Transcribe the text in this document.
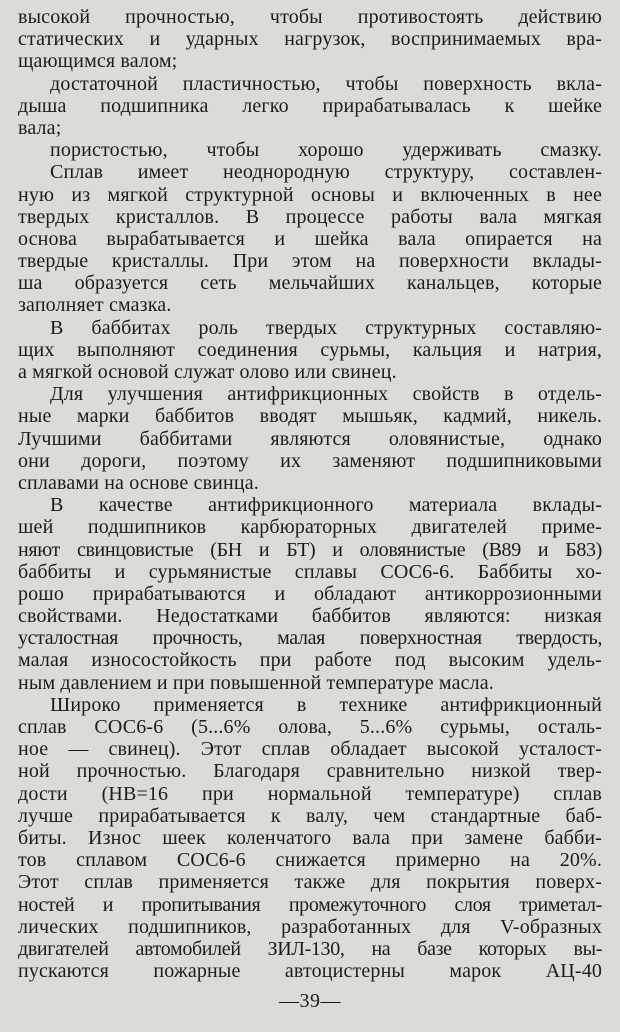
высокой прочностью, чтобы противостоять действию
статических и ударных нагрузок, воспринимаемых вра-
щающимся валом;
достаточной пластичностью, чтобы поверхность вкла-
дыша подшипника легко прирабатывалась к шейке
вала;
пористостью, чтобы хорошо удерживать смазку.
Сплав имеет неоднородную структуру, составлен-
ную из мягкой структурной основы и включенных в нее
твердых кристаллов. В процессе работы вала мягкая
основа вырабатывается и шейка вала опирается на
твердые кристаллы. При этом на поверхности вклады-
ша образуется сеть мельчайших канальцев, которые
заполняет смазка.
В баббитах роль твердых структурных составляю-
щих выполняют соединения сурьмы, кальция и натрия,
а мягкой основой служат олово или свинец.
Для улучшения антифрикционных свойств в отдель-
ные марки баббитов вводят мышьяк, кадмий, никель.
Лучшими баббитами являются оловянистые, однако
они дороги, поэтому их заменяют подшипниковыми
сплавами на основе свинца.
В качестве антифрикционного материала вклады-
шей подшипников карбюраторных двигателей приме-
няют свинцовистые (БН и БТ) и оловянистые (В89 и Б83)
баббиты и сурьмянистые сплавы СОС6-6. Баббиты хо-
рошо прирабатываются и обладают антикоррозионными
свойствами. Недостатками баббитов являются: низкая
усталостная прочность, малая поверхностная твердость,
малая износостойкость при работе под высоким удель-
ным давлением и при повышенной температуре масла.
Широко применяется в технике антифрикционный
сплав СОС6-6 (5...6% олова, 5...6% сурьмы, осталь-
ное — свинец). Этот сплав обладает высокой усталост-
ной прочностью. Благодаря сравнительно низкой твер-
дости (HB=16 при нормальной температуре) сплав
лучше прирабатывается к валу, чем стандартные баб-
биты. Износ шеек коленчатого вала при замене бабби-
тов сплавом СОС6-6 снижается примерно на 20%.
Этот сплав применяется также для покрытия поверх-
ностей и пропитывания промежуточного слоя триметал-
лических подшипников, разработанных для V-образных
двигателей автомобилей ЗИЛ-130, на базе которых вы-
пускаются пожарные автоцистерны марок АЦ-40
—39—
